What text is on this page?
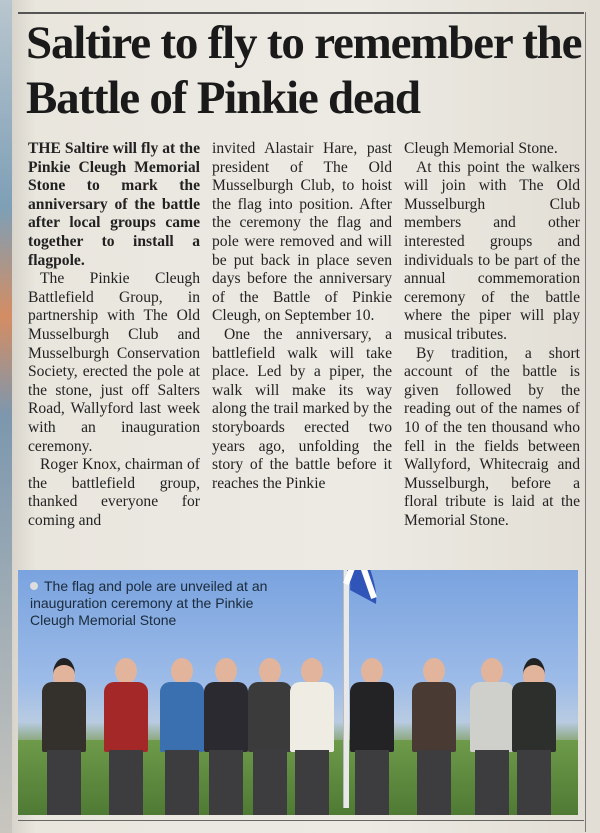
Saltire to fly to remember the Battle of Pinkie dead

THE Saltire will fly at the Pinkie Cleugh Memorial Stone to mark the anniversary of the battle after local groups came together to install a flagpole.

The Pinkie Cleugh Battlefield Group, in partnership with The Old Musselburgh Club and Musselburgh Conservation Society, erected the pole at the stone, just off Salters Road, Wallyford last week with an inauguration ceremony.

Roger Knox, chairman of the battlefield group, thanked everyone for coming and

invited Alastair Hare, past president of The Old Musselburgh Club, to hoist the flag into position. After the ceremony the flag and pole were removed and will be put back in place seven days before the anniversary of the Battle of Pinkie Cleugh, on September 10.

One the anniversary, a battlefield walk will take place. Led by a piper, the walk will make its way along the trail marked by the storyboards erected two years ago, unfolding the story of the battle before it reaches the Pinkie

Cleugh Memorial Stone.

At this point the walkers will join with The Old Musselburgh Club members and other interested groups and individuals to be part of the annual commemoration ceremony of the battle where the piper will play musical tributes.

By tradition, a short account of the battle is given followed by the reading out of the names of 10 of the ten thousand who fell in the fields between Wallyford, Whitecraig and Musselburgh, before a floral tribute is laid at the Memorial Stone.

The flag and pole are unveiled at an inauguration ceremony at the Pinkie Cleugh Memorial Stone
